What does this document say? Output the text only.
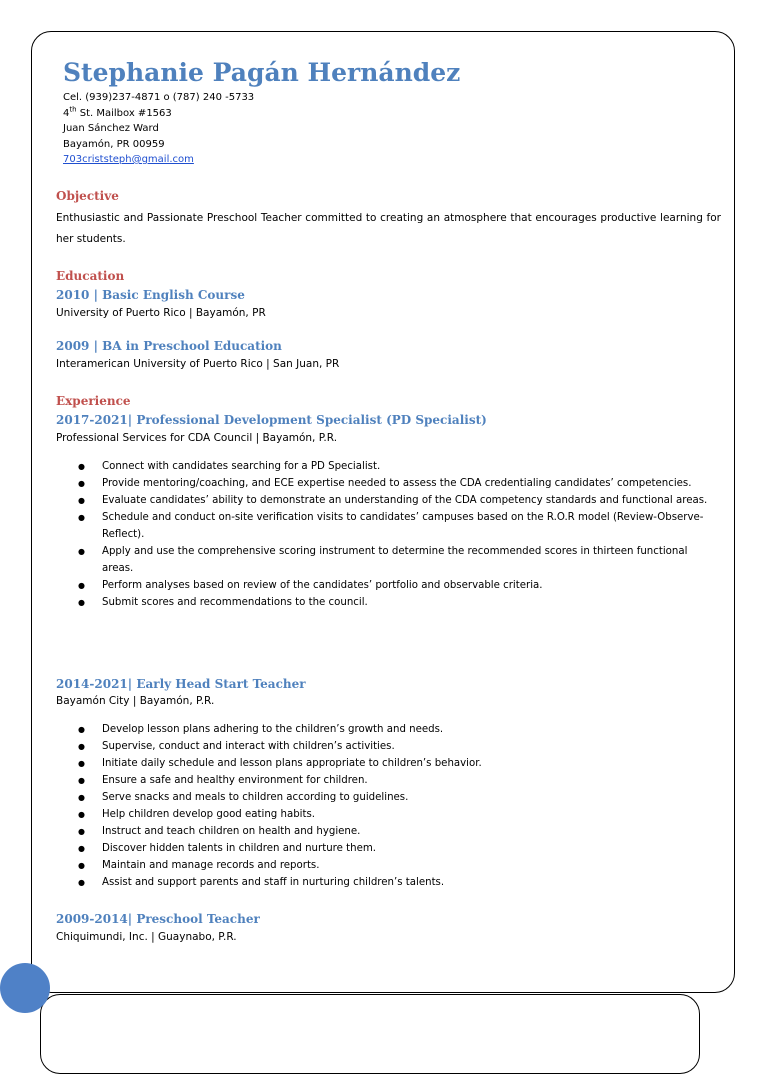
Stephanie Pagán Hernández
Cel. (939)237-4871 o (787) 240 -5733
4th St. Mailbox #1563
Juan Sánchez Ward
Bayamón, PR 00959
703criststeph@gmail.com
Objective
Enthusiastic and Passionate Preschool Teacher committed to creating an atmosphere that encourages productive learning for her students.
Education
2010 | Basic English Course
University of Puerto Rico | Bayamón, PR
2009 | BA in Preschool Education
Interamerican University of Puerto Rico | San Juan, PR
Experience
2017-2021| Professional Development Specialist (PD Specialist)
Professional Services for CDA Council | Bayamón, P.R.
● Connect with candidates searching for a PD Specialist.
● Provide mentoring/coaching, and ECE expertise needed to assess the CDA credentialing candidates’ competencies.
● Evaluate candidates’ ability to demonstrate an understanding of the CDA competency standards and functional areas.
● Schedule and conduct on-site verification visits to candidates’ campuses based on the R.O.R model (Review-Observe-Reflect).
● Apply and use the comprehensive scoring instrument to determine the recommended scores in thirteen functional areas.
● Perform analyses based on review of the candidates’ portfolio and observable criteria.
● Submit scores and recommendations to the council.
2014-2021| Early Head Start Teacher
Bayamón City | Bayamón, P.R.
● Develop lesson plans adhering to the children’s growth and needs.
● Supervise, conduct and interact with children’s activities.
● Initiate daily schedule and lesson plans appropriate to children’s behavior.
● Ensure a safe and healthy environment for children.
● Serve snacks and meals to children according to guidelines.
● Help children develop good eating habits.
● Instruct and teach children on health and hygiene.
● Discover hidden talents in children and nurture them.
● Maintain and manage records and reports.
● Assist and support parents and staff in nurturing children’s talents.
2009-2014| Preschool Teacher
Chiquimundi, Inc. | Guaynabo, P.R.
